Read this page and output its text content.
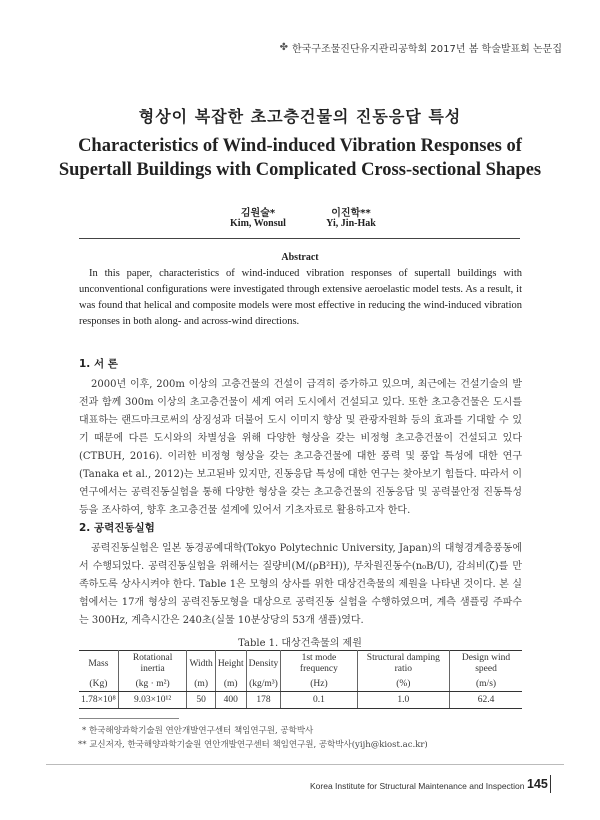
✤ 한국구조물진단유지관리공학회 2017년 봄 학술발표회 논문집
형상이 복잡한 초고층건물의 진동응답 특성
Characteristics of Wind-induced Vibration Responses of
Supertall Buildings with Complicated Cross-sectional Shapes
김원술*
Kim, Wonsul
이진학**
Yi, Jin-Hak
Abstract
In this paper, characteristics of wind-induced vibration responses of supertall buildings with unconventional configurations were investigated through extensive aeroelastic model tests. As a result, it was found that helical and composite models were most effective in reducing the wind-induced vibration responses in both along- and across-wind directions.
1. 서 론
2000년 이후, 200m 이상의 고층건물의 건설이 급격히 증가하고 있으며, 최근에는 건설기술의 발전과 함께 300m 이상의 초고층건물이 세계 여러 도시에서 건설되고 있다. 또한 초고층건물은 도시를 대표하는 랜드마크로써의 상징성과 더불어 도시 이미지 향상 및 관광자원화 등의 효과를 기대할 수 있기 때문에 다른 도시와의 차별성을 위해 다양한 형상을 갖는 비정형 초고층건물이 건설되고 있다(CTBUH, 2016). 이러한 비정형 형상을 갖는 초고층건물에 대한 풍력 및 풍압 특성에 대한 연구(Tanaka et al., 2012)는 보고된바 있지만, 진동응답 특성에 대한 연구는 찾아보기 힘들다. 따라서 이 연구에서는 공력진동실험을 통해 다양한 형상을 갖는 초고층건물의 진동응답 및 공력불안정 진동특성 등을 조사하여, 향후 초고층건물 설계에 있어서 기초자료로 활용하고자 한다.
2. 공력진동실험
공력진동실험은 일본 동경공예대학(Tokyo Polytechnic University, Japan)의 대형경계층풍동에서 수행되었다. 공력진동실험을 위해서는 질량비(M/(ρB²H)), 무차원진동수(n₀B/U), 감쇠비(ζ)를 만족하도록 상사시켜야 한다. Table 1은 모형의 상사를 위한 대상건축물의 제원을 나타낸 것이다. 본 실험에서는 17개 형상의 공력진동모형을 대상으로 공력진동 실험을 수행하였으며, 계측 샘플링 주파수는 300Hz, 계측시간은 240초(실물 10분상당의 53개 샘플)였다.
Table 1. 대상건축물의 제원
Mass	Rotational inertia	Width	Height	Density	1st mode frequency	Structural damping ratio	Design wind speed
(Kg)	(kg · m²)	(m)	(m)	(kg/m³)	(Hz)	(%)	(m/s)
1.78×10⁸	9.03×10¹²	50	400	178	0.1	1.0	62.4
* 한국해양과학기술원 연안개발연구센터 책임연구원, 공학박사
** 교신저자, 한국해양과학기술원 연안개발연구센터 책임연구원, 공학박사(yijh@kiost.ac.kr)
Korea Institute for Structural Maintenance and Inspection 145
